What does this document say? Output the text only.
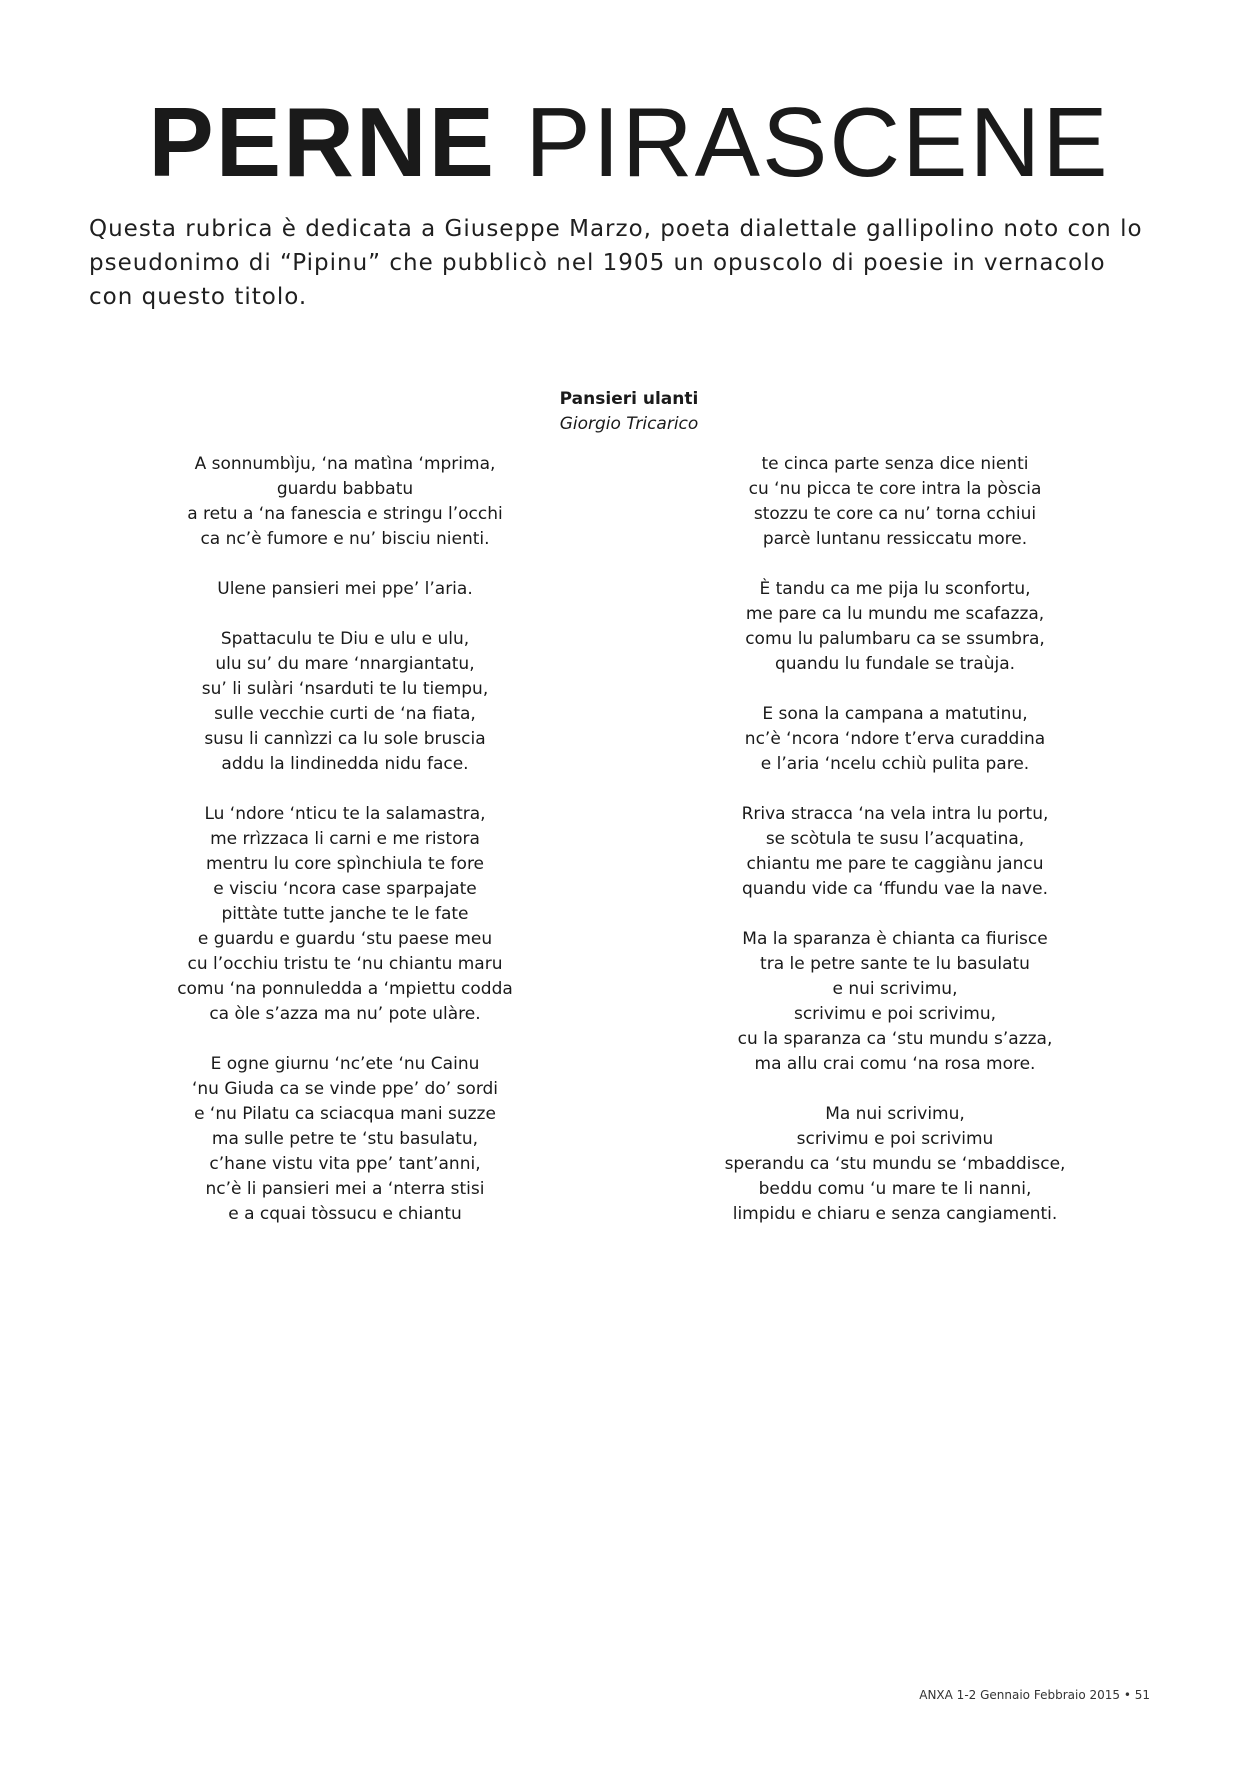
PERNE PIRASCENE
Questa rubrica è dedicata a Giuseppe Marzo, poeta dialettale gallipolino noto con lo pseudonimo di “Pipinu” che pubblicò nel 1905 un opuscolo di poesie in vernacolo con questo titolo.
Pansieri ulanti
Giorgio Tricarico
A sonnumbìju, ‘na matìna ‘mprima,
guardu babbatu
a retu a ‘na fanescia e stringu l’occhi
ca nc’è fumore e nu’ bisciu nienti.
Ulene pansieri mei ppe’ l’aria.
Spattaculu te Diu e ulu e ulu,
ulu su’ du mare ‘nnargiantatu,
su’ li sulàri ‘nsarduti te lu tiempu,
sulle vecchie curti de ‘na fiata,
susu li cannìzzi ca lu sole bruscia
addu la lindinedda nidu face.
Lu ‘ndore ‘nticu te la salamastra,
me rrìzzaca li carni e me ristora
mentru lu core spìnchiula te fore
e visciu ‘ncora case sparpajate
pittàte tutte janche te le fate
e guardu e guardu ‘stu paese meu
cu l’occhiu tristu te ‘nu chiantu maru
comu ‘na ponnuledda a ‘mpiettu codda
ca òle s’azza ma nu’ pote ulàre.
E ogne giurnu ‘nc’ete ‘nu Cainu
‘nu Giuda ca se vinde ppe’ do’ sordi
e ‘nu Pilatu ca sciacqua mani suzze
ma sulle petre te ‘stu basulatu,
c’hane vistu vita ppe’ tant’anni,
nc’è li pansieri mei a ‘nterra stisi
e a cquai tòssucu e chiantu
te cinca parte senza dice nienti
cu ‘nu picca te core intra la pòscia
stozzu te core ca nu’ torna cchiui
parcè luntanu ressiccatu more.
È tandu ca me pija lu sconfortu,
me pare ca lu mundu me scafazza,
comu lu palumbaru ca se ssumbra,
quandu lu fundale se traùja.
E sona la campana a matutinu,
nc’è ‘ncora ‘ndore t’erva curaddina
e l’aria ‘ncelu cchiù pulita pare.
Rriva stracca ‘na vela intra lu portu,
se scòtula te susu l’acquatina,
chiantu me pare te caggiànu jancu
quandu vide ca ‘ffundu vae la nave.
Ma la sparanza è chianta ca fiurisce
tra le petre sante te lu basulatu
e nui scrivimu,
scrivimu e poi scrivimu,
cu la sparanza ca ‘stu mundu s’azza,
ma allu crai comu ‘na rosa more.
Ma nui scrivimu,
scrivimu e poi scrivimu
sperandu ca ‘stu mundu se ‘mbaddisce,
beddu comu ‘u mare te li nanni,
limpidu e chiaru e senza cangiamenti.
ANXA 1-2 Gennaio Febbraio 2015 • 51
